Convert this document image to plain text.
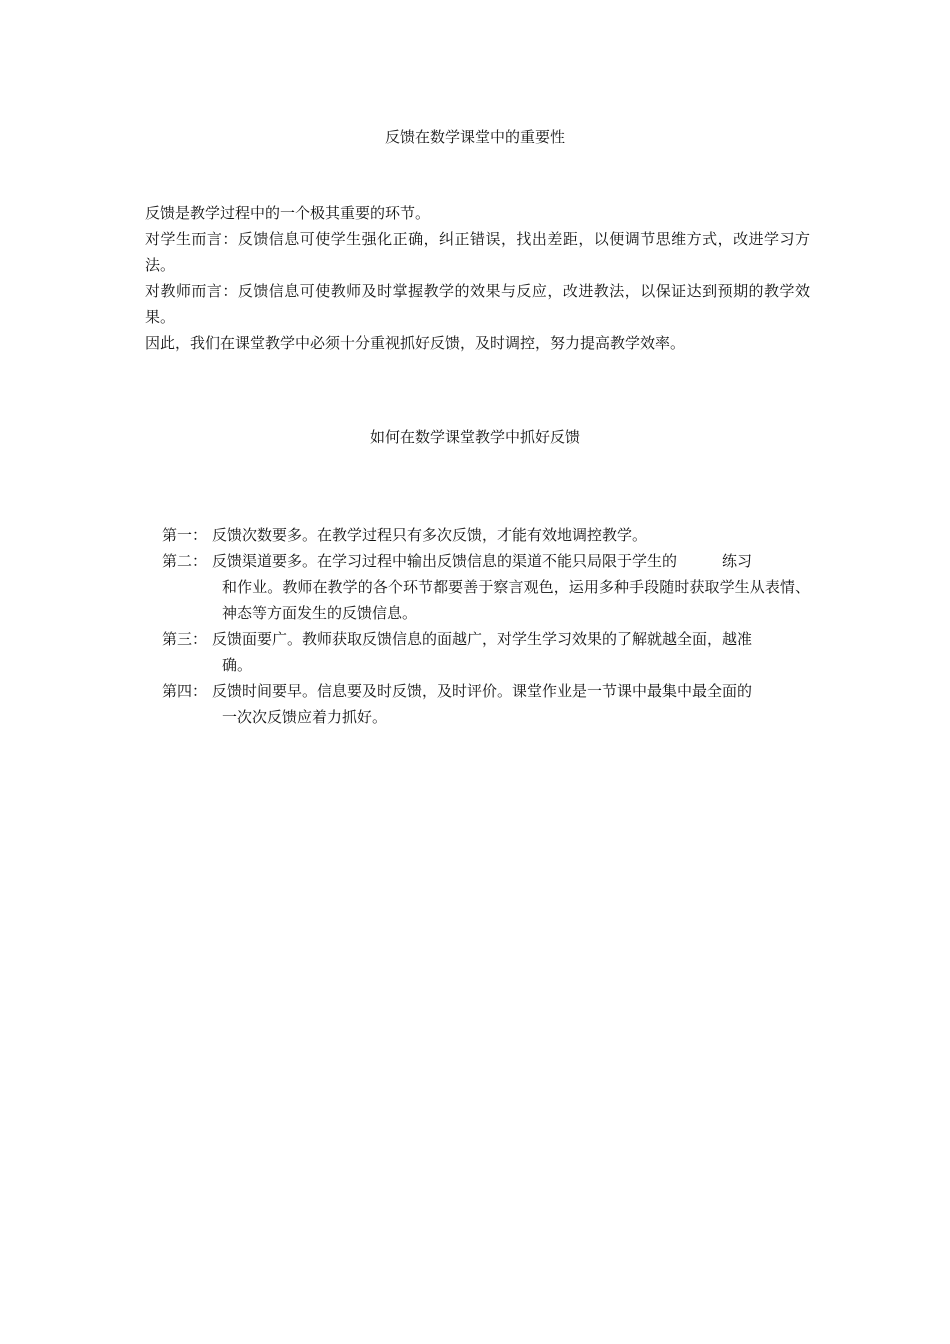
反馈在数学课堂中的重要性

反馈是教学过程中的一个极其重要的环节。

对学生而言：反馈信息可使学生强化正确，纠正错误，找出差距，以便调节思维方式，改进学习方法。

对教师而言：反馈信息可使教师及时掌握教学的效果与反应，改进教法，以保证达到预期的教学效果。

因此，我们在课堂教学中必须十分重视抓好反馈，及时调控，努力提高教学效率。

如何在数学课堂教学中抓好反馈
第一： 反馈次数要多。在教学过程只有多次反馈，才能有效地调控教学。
第二： 反馈渠道要多。在学习过程中输出反馈信息的渠道不能只局限于学生的　　　练习
和作业。教师在教学的各个环节都要善于察言观色，运用多种手段随时获取学生从表情、神态等方面发生的反馈信息。
第三： 反馈面要广。教师获取反馈信息的面越广，对学生学习效果的了解就越全面，越准
确。
第四： 反馈时间要早。信息要及时反馈，及时评价。课堂作业是一节课中最集中最全面的
一次次反馈应着力抓好。
